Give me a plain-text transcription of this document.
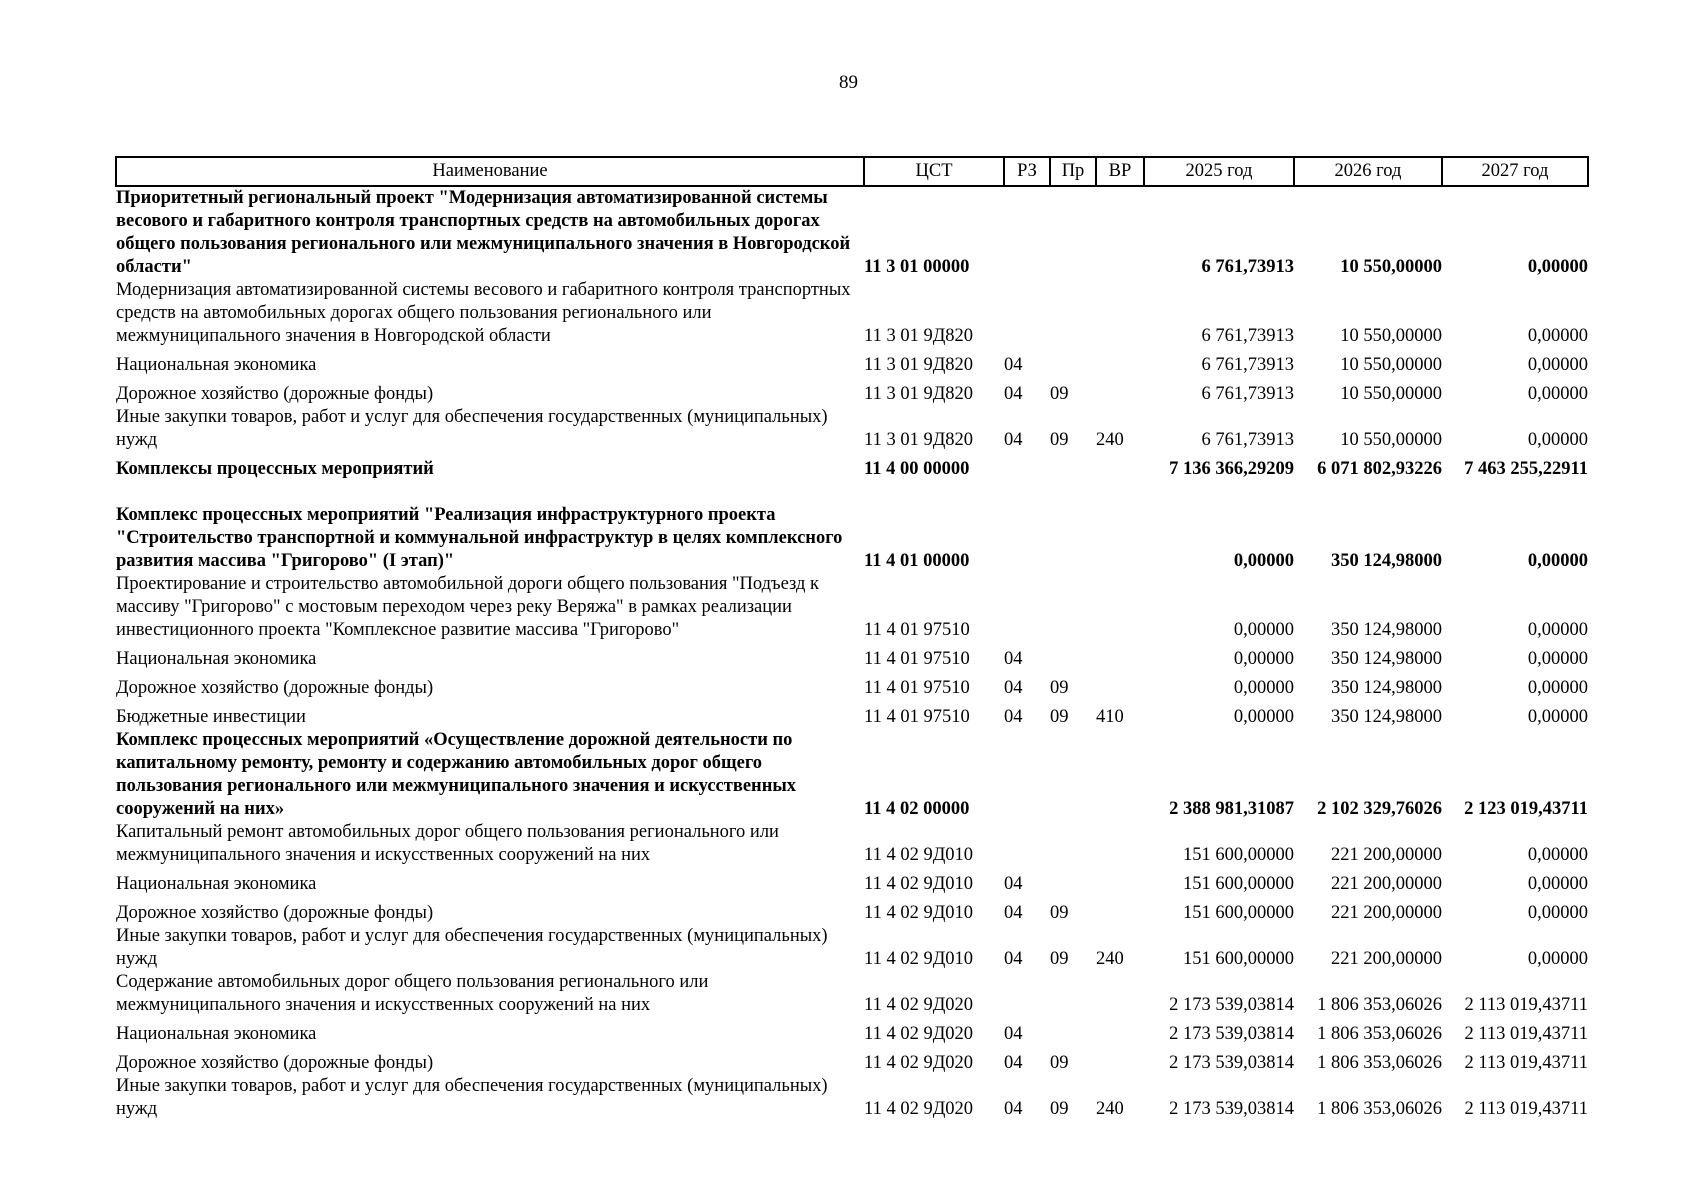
89
Наименование	ЦСТ	РЗ	Пр	ВР	2025 год	2026 год	2027 год
Приоритетный региональный проект "Модернизация автоматизированной системы весового и габаритного контроля транспортных средств на автомобильных дорогах общего пользования регионального или межмуниципального значения в Новгородской области"	11 3 01 00000				6 761,73913	10 550,00000	0,00000
Модернизация автоматизированной системы весового и габаритного контроля транспортных средств на автомобильных дорогах общего пользования регионального или межмуниципального значения в Новгородской области	11 3 01 9Д820				6 761,73913	10 550,00000	0,00000
Национальная экономика	11 3 01 9Д820	04			6 761,73913	10 550,00000	0,00000
Дорожное хозяйство (дорожные фонды)	11 3 01 9Д820	04	09		6 761,73913	10 550,00000	0,00000
Иные закупки товаров, работ и услуг для обеспечения государственных (муниципальных) нужд	11 3 01 9Д820	04	09	240	6 761,73913	10 550,00000	0,00000
Комплексы процессных мероприятий	11 4 00 00000				7 136 366,29209	6 071 802,93226	7 463 255,22911
Комплекс процессных мероприятий "Реализация инфраструктурного проекта "Строительство транспортной и коммунальной инфраструктур в целях комплексного развития массива "Григорово" (I этап)"	11 4 01 00000				0,00000	350 124,98000	0,00000
Проектирование и строительство автомобильной дороги общего пользования "Подъезд к массиву "Григорово" с мостовым переходом через реку Веряжа" в рамках реализации инвестиционного проекта "Комплексное развитие массива "Григорово"	11 4 01 97510				0,00000	350 124,98000	0,00000
Национальная экономика	11 4 01 97510	04			0,00000	350 124,98000	0,00000
Дорожное хозяйство (дорожные фонды)	11 4 01 97510	04	09		0,00000	350 124,98000	0,00000
Бюджетные инвестиции	11 4 01 97510	04	09	410	0,00000	350 124,98000	0,00000
Комплекс процессных мероприятий «Осуществление дорожной деятельности по капитальному ремонту, ремонту и содержанию автомобильных дорог общего пользования регионального или межмуниципального значения и искусственных сооружений на них»	11 4 02 00000				2 388 981,31087	2 102 329,76026	2 123 019,43711
Капитальный ремонт автомобильных дорог общего пользования регионального или межмуниципального значения и искусственных сооружений на них	11 4 02 9Д010				151 600,00000	221 200,00000	0,00000
Национальная экономика	11 4 02 9Д010	04			151 600,00000	221 200,00000	0,00000
Дорожное хозяйство (дорожные фонды)	11 4 02 9Д010	04	09		151 600,00000	221 200,00000	0,00000
Иные закупки товаров, работ и услуг для обеспечения государственных (муниципальных) нужд	11 4 02 9Д010	04	09	240	151 600,00000	221 200,00000	0,00000
Содержание автомобильных дорог общего пользования регионального или межмуниципального значения и искусственных сооружений на них	11 4 02 9Д020				2 173 539,03814	1 806 353,06026	2 113 019,43711
Национальная экономика	11 4 02 9Д020	04			2 173 539,03814	1 806 353,06026	2 113 019,43711
Дорожное хозяйство (дорожные фонды)	11 4 02 9Д020	04	09		2 173 539,03814	1 806 353,06026	2 113 019,43711
Иные закупки товаров, работ и услуг для обеспечения государственных (муниципальных) нужд	11 4 02 9Д020	04	09	240	2 173 539,03814	1 806 353,06026	2 113 019,43711
